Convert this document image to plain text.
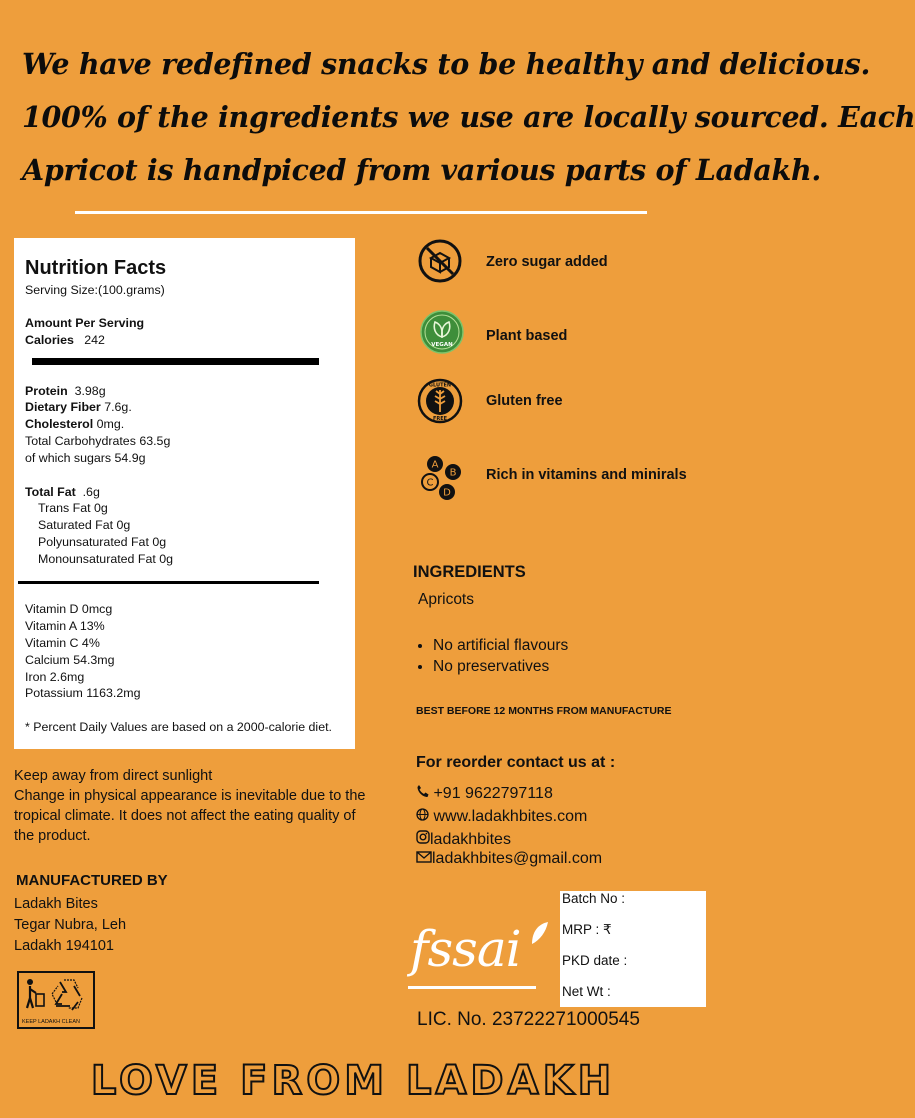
We have redefined snacks to be healthy and delicious.
100% of the ingredients we use are locally sourced. Each
Apricot is handpiced from various parts of Ladakh.
Nutrition Facts
Serving Size:(100.grams)
Amount Per Serving
Calories 242
Protein 3.98g
Dietary Fiber 7.6g.
Cholesterol 0mg.
Total Carbohydrates 63.5g
of which sugars 54.9g
Total Fat .6g
Trans Fat 0g
Saturated Fat 0g
Polyunsaturated Fat 0g
Monounsaturated Fat 0g
Vitamin D 0mcg
Vitamin A 13%
Vitamin C 4%
Calcium 54.3mg
Iron 2.6mg
Potassium 1163.2mg
* Percent Daily Values are based on a 2000-calorie diet.
Zero sugar added
VEGAN
Plant based
GLUTEN
FREE
Gluten free
A
B
C
D
Rich in vitamins and minirals
INGREDIENTS
Apricots
• No artificial flavours
• No preservatives
BEST BEFORE 12 MONTHS FROM MANUFACTURE
Keep away from direct sunlight
Change in physical appearance is inevitable due to the tropical climate. It does not affect the eating quality of the product.
MANUFACTURED BY
Ladakh Bites
Tegar Nubra, Leh
Ladakh 194101
KEEP LADAKH CLEAN
For reorder contact us at :
+91 9622797118
www.ladakhbites.com
ladakhbites
ladakhbites@gmail.com
fssai
Batch No :
MRP : ₹
PKD date :
Net Wt :
LIC. No. 23722271000545
LOVE FROM LADAKH
